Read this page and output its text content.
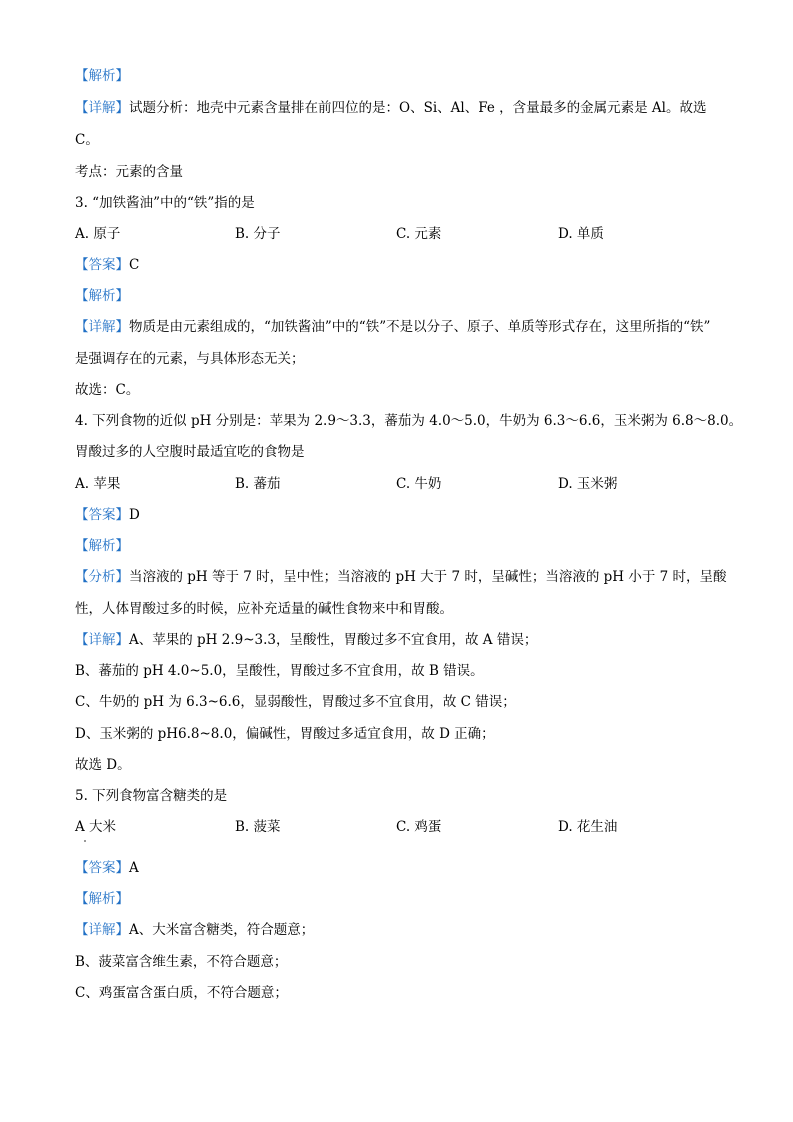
【解析】
【详解】试题分析：地壳中元素含量排在前四位的是：O、Si、Al、Fe ，含量最多的金属元素是 Al。故选
C。
考点：元素的含量
3. “加铁酱油”中的“铁”指的是
A. 原子	B. 分子	C. 元素	D. 单质
【答案】C
【解析】
【详解】物质是由元素组成的，“加铁酱油”中的“铁”不是以分子、原子、单质等形式存在，这里所指的“铁”
是强调存在的元素，与具体形态无关；
故选：C。
4. 下列食物的近似 pH 分别是：苹果为 2.9～3.3，蕃茄为 4.0～5.0，牛奶为 6.3～6.6，玉米粥为 6.8～8.0。
胃酸过多的人空腹时最适宜吃的食物是
A. 苹果	B. 蕃茄	C. 牛奶	D. 玉米粥
【答案】D
【解析】
【分析】当溶液的 pH 等于 7 时，呈中性；当溶液的 pH 大于 7 时，呈碱性；当溶液的 pH 小于 7 时，呈酸
性，人体胃酸过多的时候，应补充适量的碱性食物来中和胃酸。
【详解】A、苹果的 pH 2.9~3.3，呈酸性，胃酸过多不宜食用，故 A 错误；
B、蕃茄的 pH 4.0~5.0，呈酸性，胃酸过多不宜食用，故 B 错误。
C、牛奶的 pH 为 6.3~6.6，显弱酸性，胃酸过多不宜食用，故 C 错误；
D、玉米粥的 pH6.8~8.0，偏碱性，胃酸过多适宜食用，故 D 正确；
故选 D。
5. 下列食物富含糖类的是
A 大米	B. 菠菜	C. 鸡蛋	D. 花生油
【答案】A
【解析】
【详解】A、大米富含糖类，符合题意；
B、菠菜富含维生素，不符合题意；
C、鸡蛋富含蛋白质，不符合题意；
